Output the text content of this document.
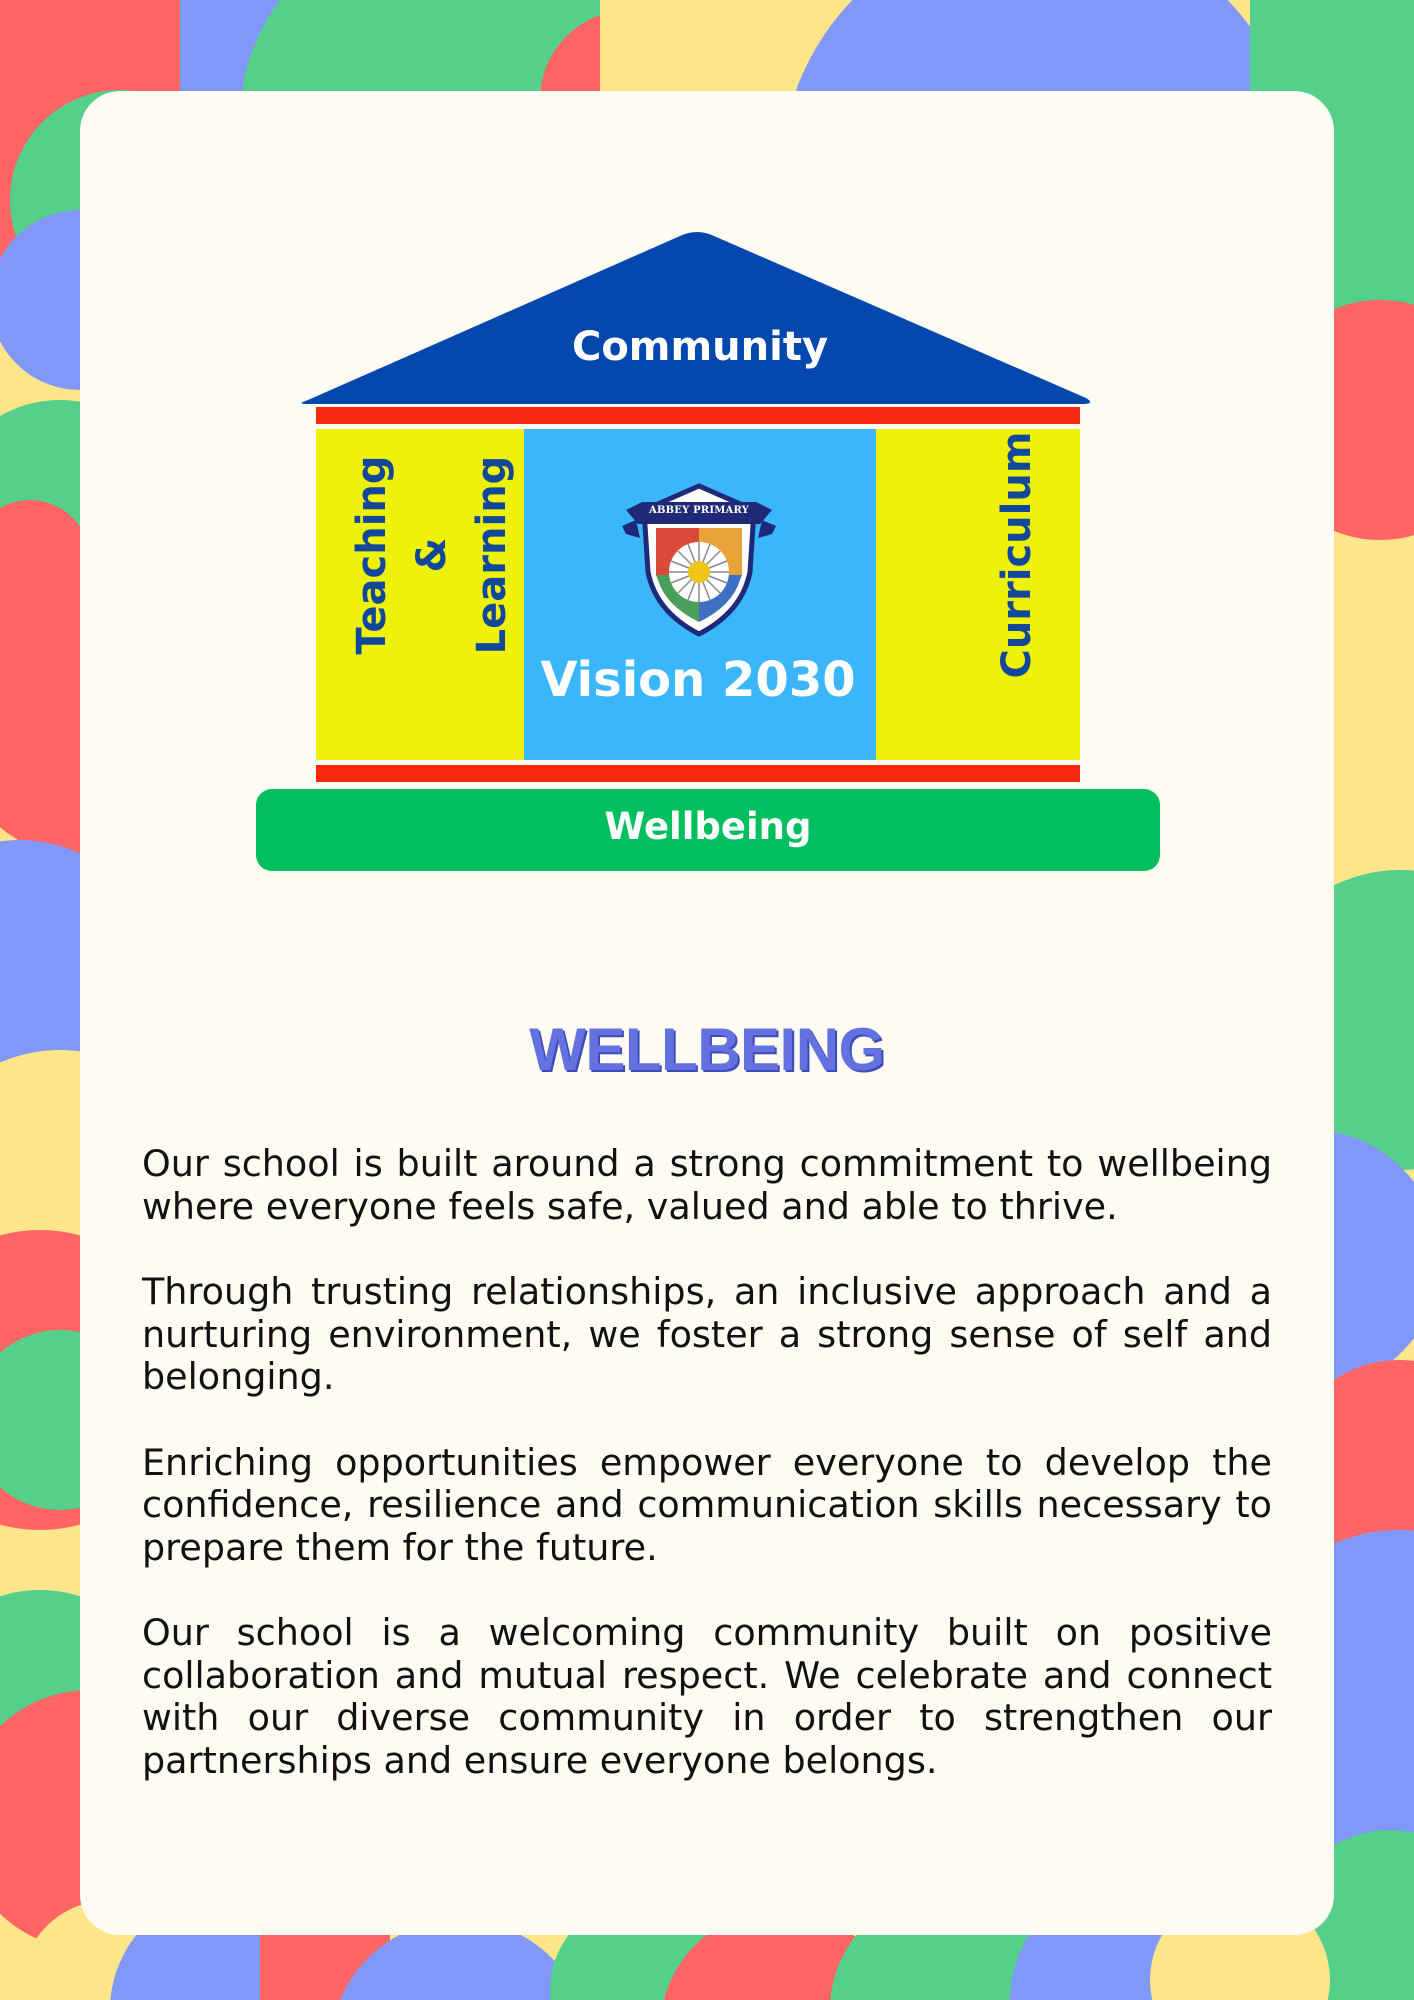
Community
Teaching & Learning	Curriculum
ABBEY PRIMARY
Vision 2030
Wellbeing
WELLBEING

Our school is built around a strong commitment to wellbeing where everyone feels safe, valued and able to thrive.

Through trusting relationships, an inclusive approach and a nurturing environment, we foster a strong sense of self and belonging.

Enriching opportunities empower everyone to develop the confidence, resilience and communication skills necessary to prepare them for the future.

Our school is a welcoming community built on positive collaboration and mutual respect. We celebrate and connect with our diverse community in order to strengthen our partnerships and ensure everyone belongs.
